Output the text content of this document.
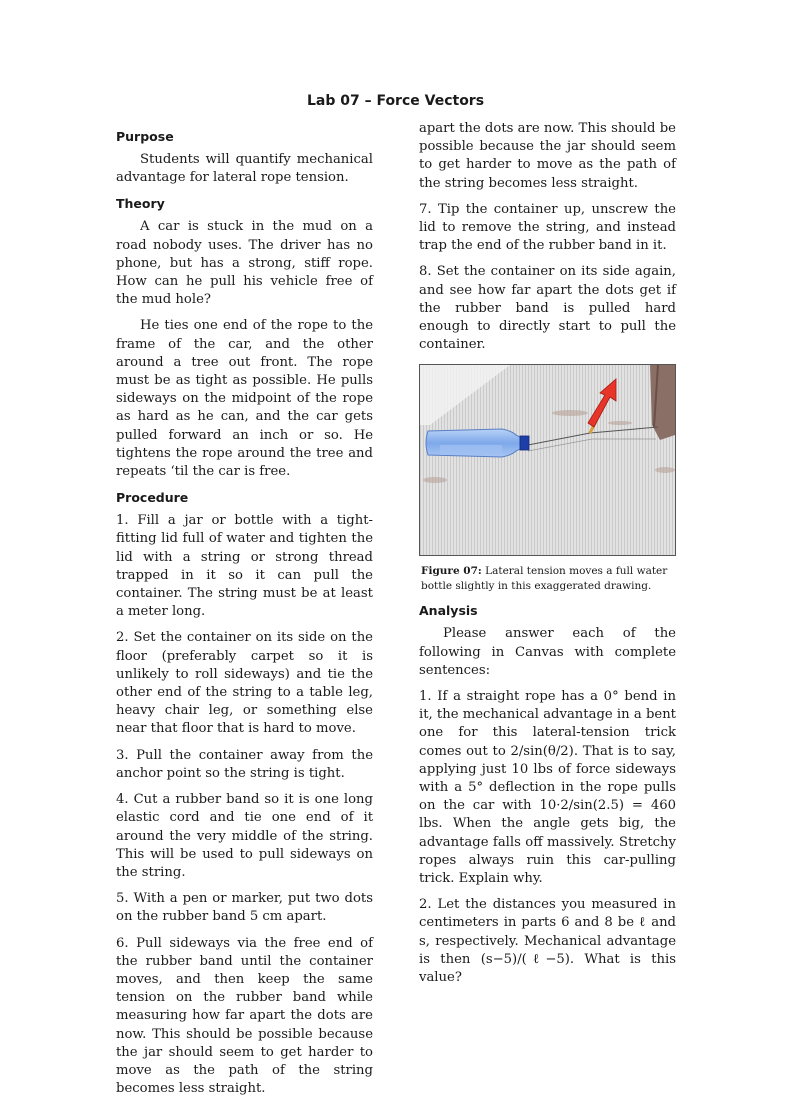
Lab 07 – Force Vectors
Purpose

Students will quantify mechanical advantage for lateral rope tension.

Theory

A car is stuck in the mud on a road nobody uses. The driver has no phone, but has a strong, stiff rope. How can he pull his vehicle free of the mud hole?

He ties one end of the rope to the frame of the car, and the other around a tree out front. The rope must be as tight as possible. He pulls sideways on the midpoint of the rope as hard as he can, and the car gets pulled forward an inch or so. He tightens the rope around the tree and repeats ‘til the car is free.

Procedure

1. Fill a jar or bottle with a tight-fitting lid full of water and tighten the lid with a string or strong thread trapped in it so it can pull the container. The string must be at least a meter long.

2. Set the container on its side on the floor (preferably carpet so it is unlikely to roll sideways) and tie the other end of the string to a table leg, heavy chair leg, or something else near that floor that is hard to move.

3. Pull the container away from the anchor point so the string is tight.

4. Cut a rubber band so it is one long elastic cord and tie one end of it around the very middle of the string. This will be used to pull sideways on the string.

5. With a pen or marker, put two dots on the rubber band 5 cm apart.

6. Pull sideways via the free end of the rubber band until the container moves, and then keep the same tension on the rubber band while measuring how far apart the dots are now. This should be possible because the jar should seem to get harder to move as the path of the string becomes less straight.

apart the dots are now. This should be possible because the jar should seem to get harder to move as the path of the string becomes less straight.

7. Tip the container up, unscrew the lid to remove the string, and instead trap the end of the rubber band in it.

8. Set the container on its side again, and see how far apart the dots get if the rubber band is pulled hard enough to directly start to pull the container.

Figure 07: Lateral tension moves a full water bottle slightly in this exaggerated drawing.
Analysis

Please answer each of the following in Canvas with complete sentences:

1. If a straight rope has a 0° bend in it, the mechanical advantage in a bent one for this lateral-tension trick comes out to 2/sin(θ/2). That is to say, applying just 10 lbs of force sideways with a 5° deflection in the rope pulls on the car with 10·2/sin(2.5) = 460 lbs. When the angle gets big, the advantage falls off massively. Stretchy ropes always ruin this car-pulling trick. Explain why.

2. Let the distances you measured in centimeters in parts 6 and 8 be ℓ and s, respectively. Mechanical advantage is then (s−5)/(ℓ−5). What is this value?
